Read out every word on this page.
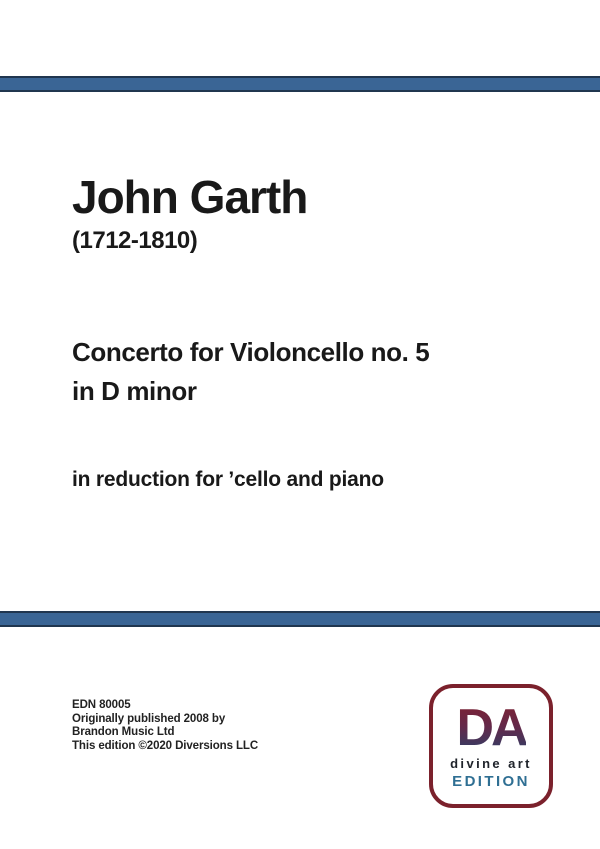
John Garth
(1712-1810)
Concerto for Violoncello no. 5
in D minor
in reduction for ’cello and piano
EDN 80005
Originally published 2008 by
Brandon Music Ltd
This edition ©2020 Diversions LLC	DA
divine art
EDITION
